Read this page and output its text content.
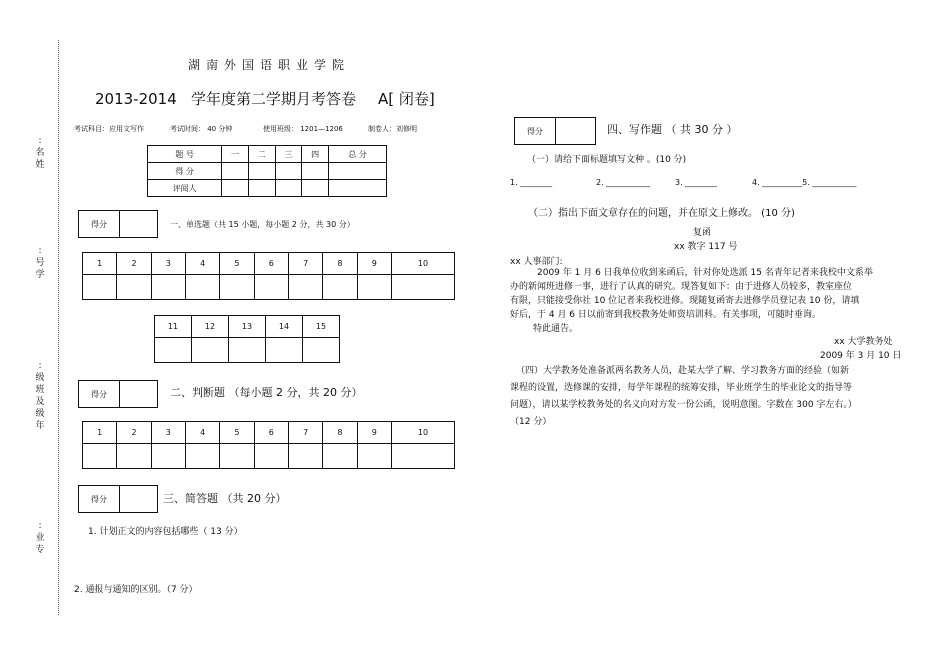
:名姓
:号学
:级班及级年
:业专
湖南外国语职业学院
2013-2014 学年度第二学期月考答卷 A[ 闭卷]
考试科目：应用文写作	考试时间： 40 分钟	使用班级： 1201—1206	制卷人：刘修明
题 号	一	二	三	四	总 分
得 分					
评阅人					
得分	一、单选题（共 15 小题，每小题 2 分，共 30 分）
1	2	3	4	5	6	7	8	9	10

11	12	13	14	15

得分	二、判断题 （每小题 2 分，共 20 分）
1	2	3	4	5	6	7	8	9	10

得分	三、简答题 （共 20 分）
1. 计划正文的内容包括哪些（ 13 分）
2. 通报与通知的区别。（7 分）
得分	四、写作题 （ 共 30 分 ）
（一）请给下面标题填写文种 。(10 分)
1. ________	2. ___________	3. ________	4. __________5. ___________
（二）指出下面文章存在的问题，并在原文上修改。 (10 分)
复函
xx 教字 117 号
xx 人事部门:
2009 年 1 月 6 日我单位收到来函后，针对你处选派 15 名青年记者来我校中文系举
办的新闻班进修一事，进行了认真的研究。现答复如下：由于进修人员较多，教室座位
有限，只能接受你社 10 位记者来我校进修。现随复函寄去进修学员登记表 10 份，请填
好后，于 4 月 6 日以前寄到我校教务处师资培训科。有关事项，可随时垂询。
特此通告。
xx 大学教务处
2009 年 3 月 10 日
（四）大学教务处准备派两名教务人员，赴某大学了解、学习教务方面的经验（如新
课程的设置，选修课的安排，每学年课程的统筹安排，毕业班学生的毕业论文的指导等
问题），请以某学校教务处的名义向对方发一份公函，说明意图。字数在 300 字左右。）
（12 分）
